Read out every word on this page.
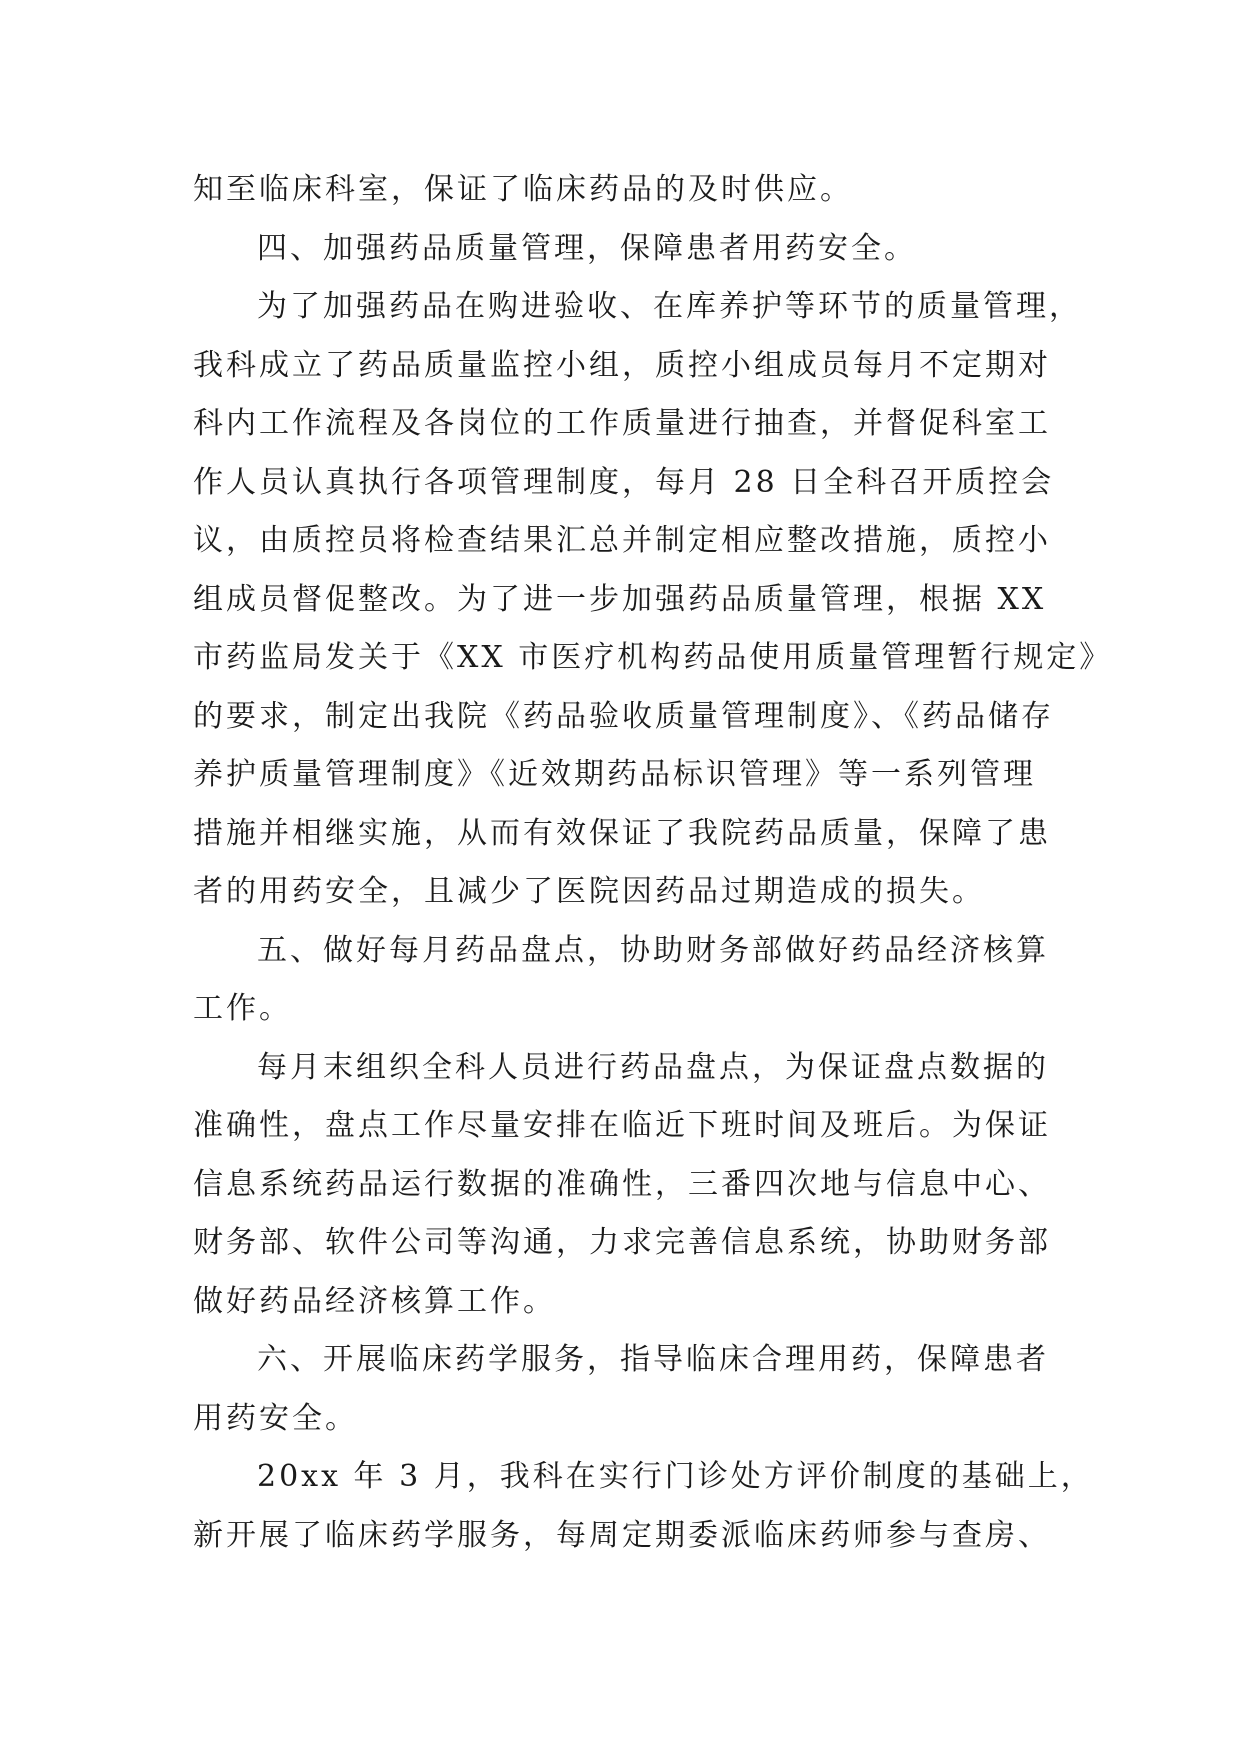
知至临床科室，保证了临床药品的及时供应。
四、加强药品质量管理，保障患者用药安全。
为了加强药品在购进验收、在库养护等环节的质量管理，
我科成立了药品质量监控小组，质控小组成员每月不定期对
科内工作流程及各岗位的工作质量进行抽查，并督促科室工
作人员认真执行各项管理制度，每月 28 日全科召开质控会
议，由质控员将检查结果汇总并制定相应整改措施，质控小
组成员督促整改。为了进一步加强药品质量管理，根据 XX
市药监局发关于《XX 市医疗机构药品使用质量管理暂行规定》
的要求，制定出我院《药品验收质量管理制度》、《药品储存
养护质量管理制度》《近效期药品标识管理》等一系列管理
措施并相继实施，从而有效保证了我院药品质量，保障了患
者的用药安全，且减少了医院因药品过期造成的损失。
五、做好每月药品盘点，协助财务部做好药品经济核算
工作。
每月末组织全科人员进行药品盘点，为保证盘点数据的
准确性，盘点工作尽量安排在临近下班时间及班后。为保证
信息系统药品运行数据的准确性，三番四次地与信息中心、
财务部、软件公司等沟通，力求完善信息系统，协助财务部
做好药品经济核算工作。
六、开展临床药学服务，指导临床合理用药，保障患者
用药安全。
20xx 年 3 月，我科在实行门诊处方评价制度的基础上，
新开展了临床药学服务，每周定期委派临床药师参与查房、
